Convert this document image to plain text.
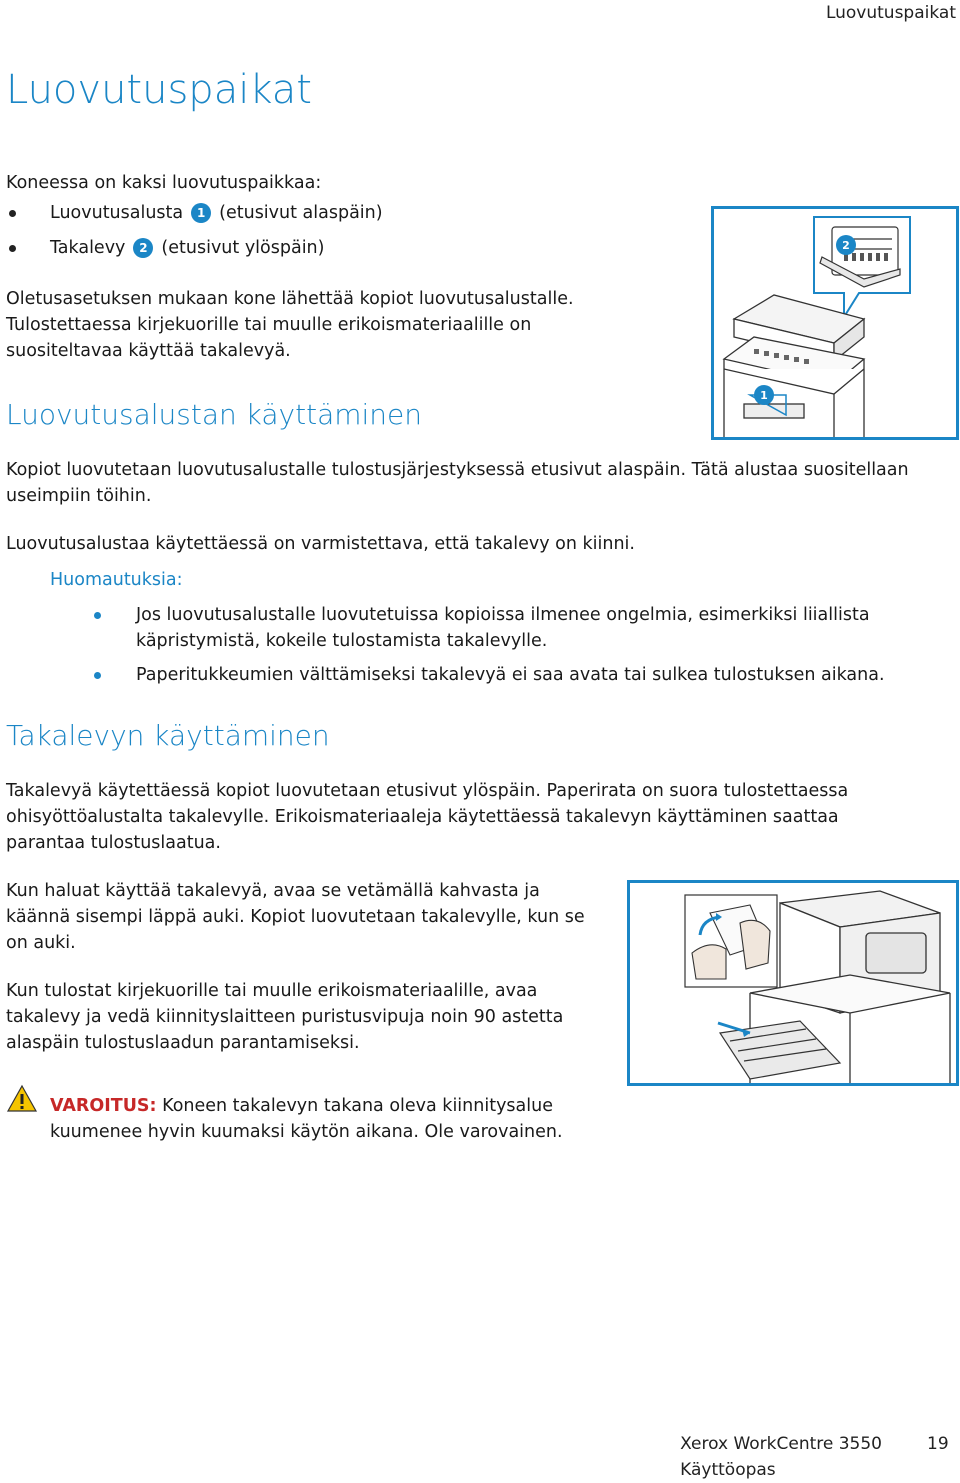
Luovutuspaikat
Luovutuspaikat

Koneessa on kaksi luovutuspaikkaa:

Luovutusalusta	1 (etusivut alaspäin)
Takalevy	2 (etusivut ylöspäin)

Oletusasetuksen mukaan kone lähettää kopiot luovutusalustalle.

Tulostettaessa kirjekuorille tai muulle erikoismateriaalille on

suositeltavaa käyttää takalevyä.

1
2
Luovutusalustan käyttäminen

Kopiot luovutetaan luovutusalustalle tulostusjärjestyksessä etusivut alaspäin. Tätä alustaa suositellaan

useimpiin töihin.

Luovutusalustaa käytettäessä on varmistettava, että takalevy on kiinni.

Huomautuksia:

Jos luovutusalustalle luovutetuissa kopioissa ilmenee ongelmia, esimerkiksi liiallista

käpristymistä, kokeile tulostamista takalevylle.

Paperitukkeumien välttämiseksi takalevyä ei saa avata tai sulkea tulostuksen aikana.

Takalevyn käyttäminen

Takalevyä käytettäessä kopiot luovutetaan etusivut ylöspäin. Paperirata on suora tulostettaessa

ohisyöttöalustalta takalevylle. Erikoismateriaaleja käytettäessä takalevyn käyttäminen saattaa

parantaa tulostuslaatua.

Kun haluat käyttää takalevyä, avaa se vetämällä kahvasta ja

käännä sisempi läppä auki. Kopiot luovutetaan takalevylle, kun se

on auki.

Kun tulostat kirjekuorille tai muulle erikoismateriaalille, avaa

takalevy ja vedä kiinnityslaitteen puristusvipuja noin 90 astetta

alaspäin tulostuslaadun parantamiseksi.

VAROITUS: Koneen takalevyn takana oleva kiinnitysalue

kuumenee hyvin kuumaksi käytön aikana. Ole varovainen.

Xerox WorkCentre 3550
Käyttöopas
19
